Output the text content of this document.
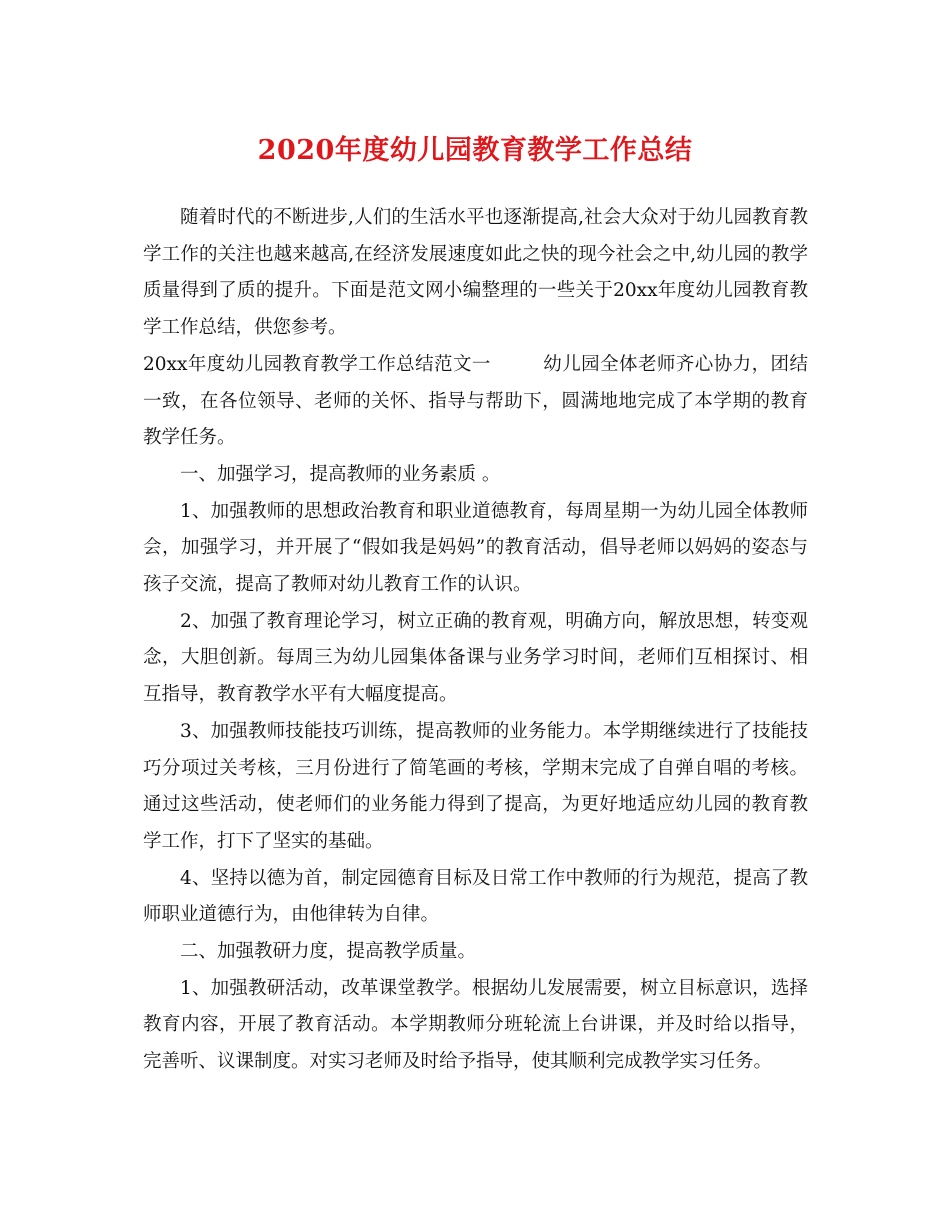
2020年度幼儿园教育教学工作总结

随着时代的不断进步,人们的生活水平也逐渐提高,社会大众对于幼儿园教育教学工作的关注也越来越高,在经济发展速度如此之快的现今社会之中,幼儿园的教学质量得到了质的提升。下面是范文网小编整理的一些关于20xx年度幼儿园教育教学工作总结，供您参考。

20xx年度幼儿园教育教学工作总结范文一	幼儿园全体老师齐心协力，团结一致，在各位领导、老师的关怀、指导与帮助下，圆满地地完成了本学期的教育教学任务。

一、加强学习，提高教师的业务素质 。

1、加强教师的思想政治教育和职业道德教育，每周星期一为幼儿园全体教师会，加强学习，并开展了“假如我是妈妈”的教育活动，倡导老师以妈妈的姿态与孩子交流，提高了教师对幼儿教育工作的认识。

2、加强了教育理论学习，树立正确的教育观，明确方向，解放思想，转变观念，大胆创新。每周三为幼儿园集体备课与业务学习时间，老师们互相探讨、相互指导，教育教学水平有大幅度提高。

3、加强教师技能技巧训练，提高教师的业务能力。本学期继续进行了技能技巧分项过关考核，三月份进行了简笔画的考核，学期末完成了自弹自唱的考核。通过这些活动，使老师们的业务能力得到了提高，为更好地适应幼儿园的教育教学工作，打下了坚实的基础。

4、坚持以德为首，制定园德育目标及日常工作中教师的行为规范，提高了教师职业道德行为，由他律转为自律。

二、加强教研力度，提高教学质量。

1、加强教研活动，改革课堂教学。根据幼儿发展需要，树立目标意识，选择教育内容，开展了教育活动。本学期教师分班轮流上台讲课，并及时给以指导，完善听、议课制度。对实习老师及时给予指导，使其顺利完成教学实习任务。
